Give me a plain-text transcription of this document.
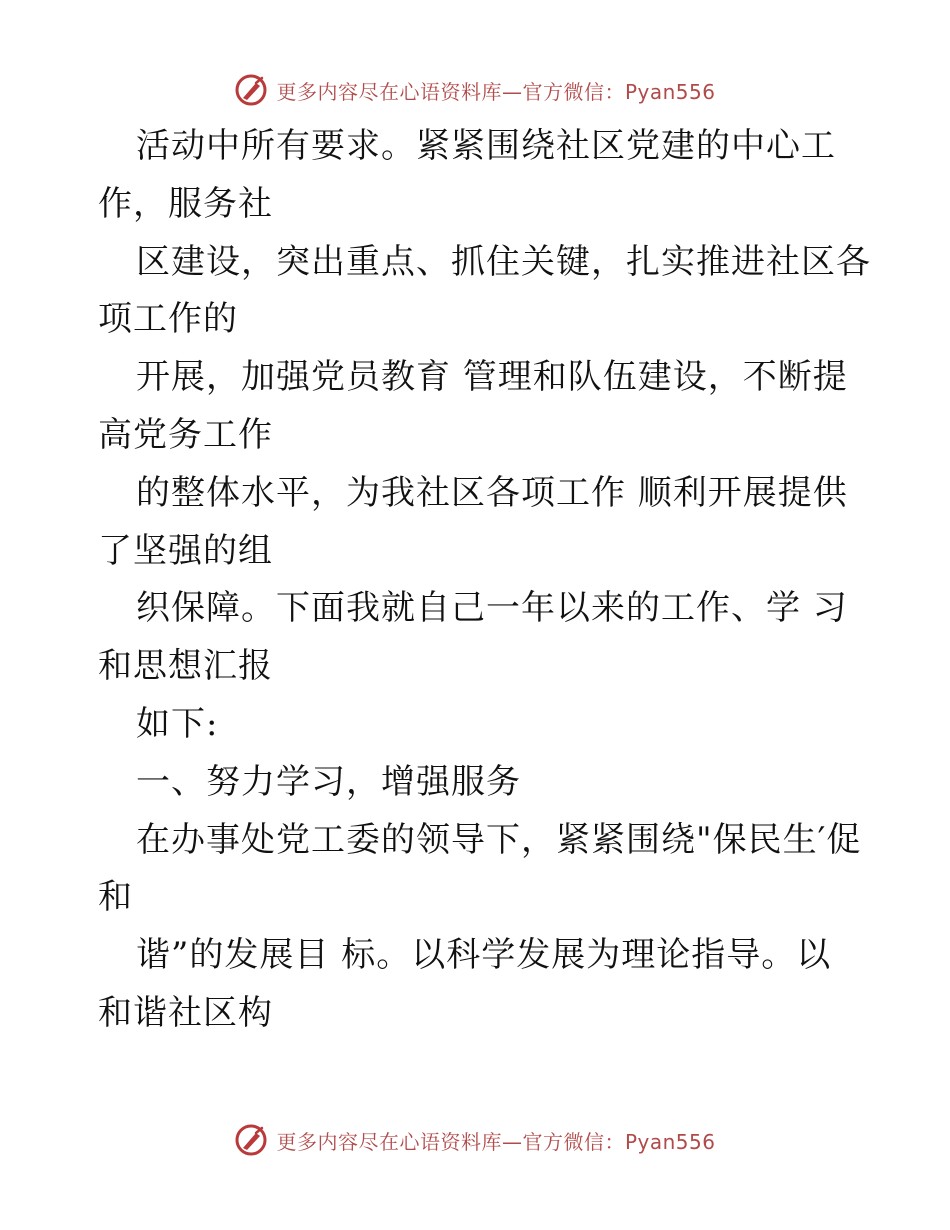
更多内容尽在心语资料库—官方微信：Pyan556
活动中所有要求。紧紧围绕社区党建的中心工
作，服务社
区建设，突出重点、抓住关键，扎实推进社区各
项工作的
开展，加强党员教育 管理和队伍建设，不断提
高党务工作
的整体水平，为我社区各项工作 顺利开展提供
了坚强的组
织保障。下面我就自己一年以来的工作、学 习
和思想汇报
如下:
一、努力学习，增强服务
在办事处党工委的领导下，紧紧围绕"保民生′促
和
谐”的发展目 标。以科学发展为理论指导。以
和谐社区构
更多内容尽在心语资料库—官方微信：Pyan556
